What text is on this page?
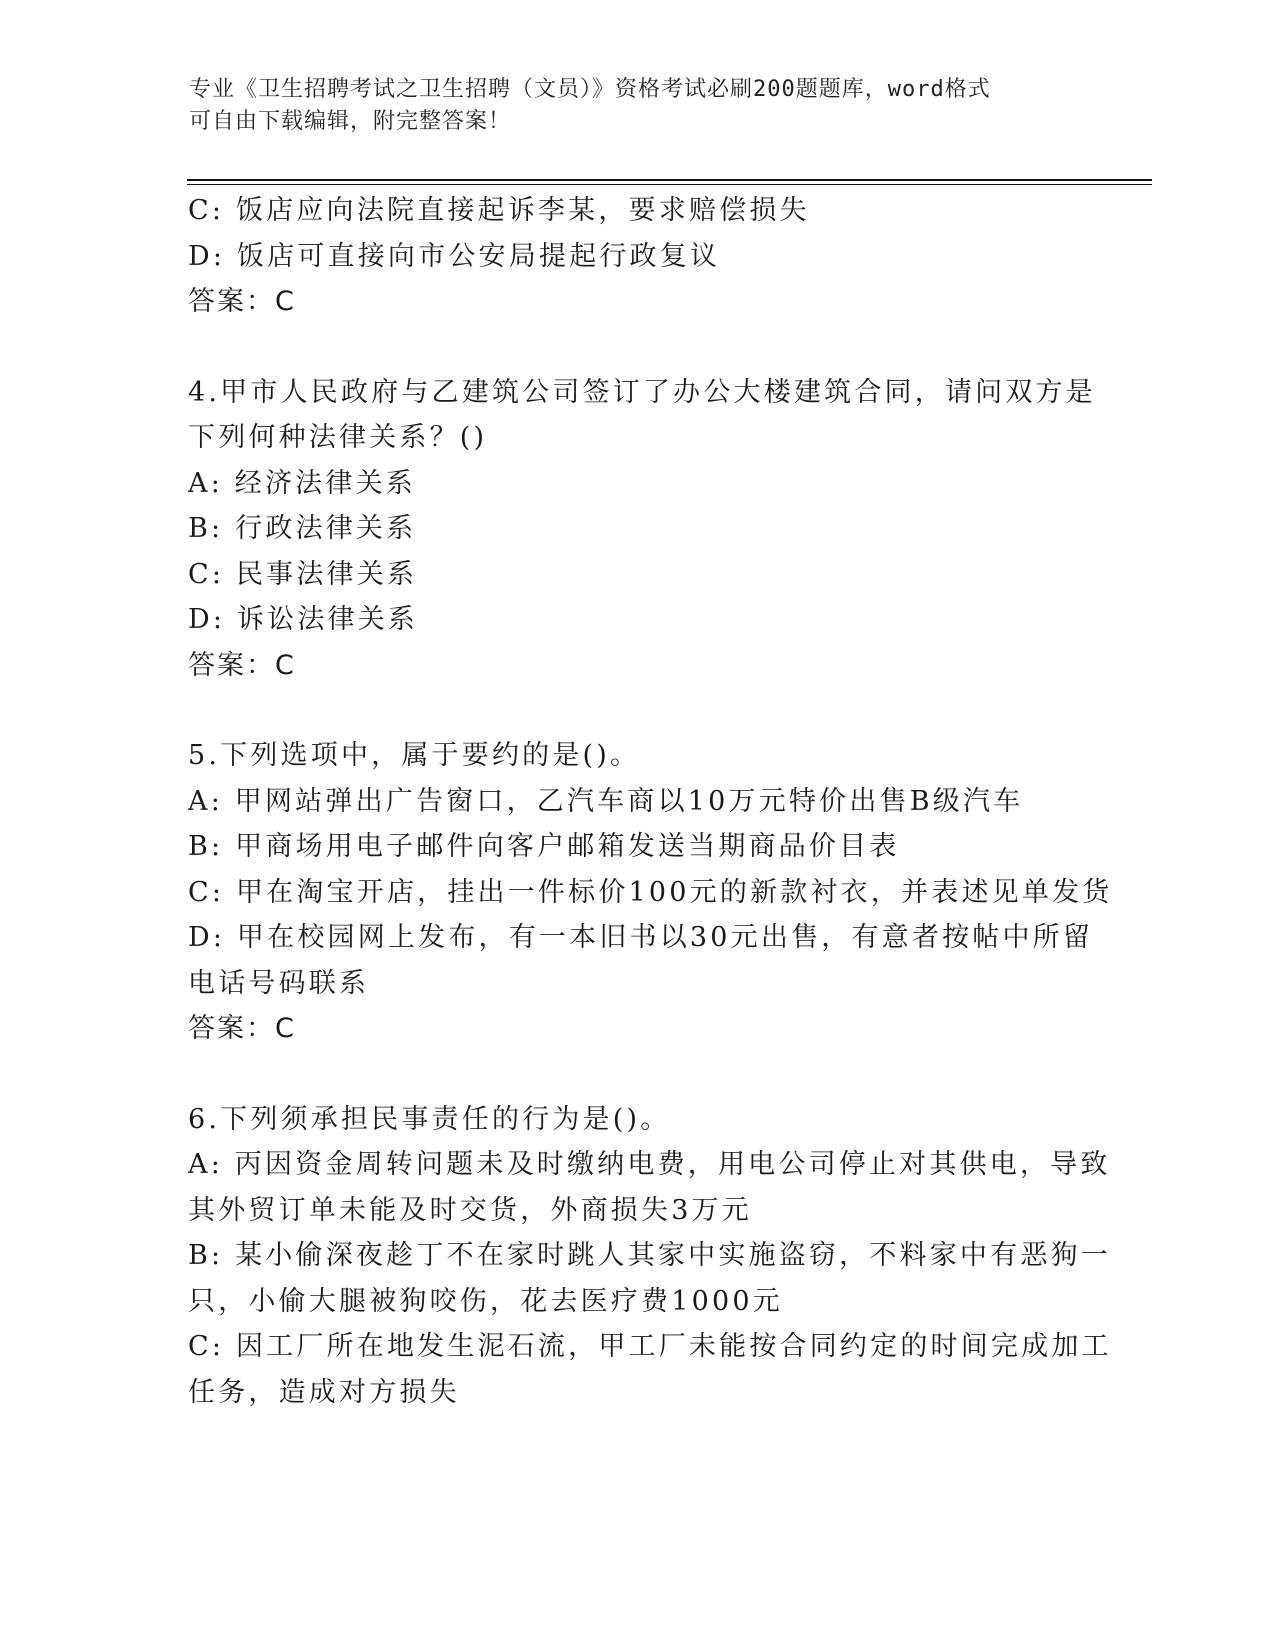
专业《卫生招聘考试之卫生招聘（文员）》资格考试必刷200题题库，word格式
可自由下载编辑，附完整答案！
C: 饭店应向法院直接起诉李某，要求赔偿损失
D: 饭店可直接向市公安局提起行政复议
答案：C
4.甲市人民政府与乙建筑公司签订了办公大楼建筑合同，请问双方是
下列何种法律关系？()
A: 经济法律关系
B: 行政法律关系
C: 民事法律关系
D: 诉讼法律关系
答案：C
5.下列选项中，属于要约的是()。
A: 甲网站弹出广告窗口，乙汽车商以10万元特价出售B级汽车
B: 甲商场用电子邮件向客户邮箱发送当期商品价目表
C: 甲在淘宝开店，挂出一件标价100元的新款衬衣，并表述见单发货
D: 甲在校园网上发布，有一本旧书以30元出售，有意者按帖中所留
电话号码联系
答案：C
6.下列须承担民事责任的行为是()。
A: 丙因资金周转问题未及时缴纳电费，用电公司停止对其供电，导致
其外贸订单未能及时交货，外商损失3万元
B: 某小偷深夜趁丁不在家时跳人其家中实施盗窃，不料家中有恶狗一
只，小偷大腿被狗咬伤，花去医疗费1000元
C: 因工厂所在地发生泥石流，甲工厂未能按合同约定的时间完成加工
任务，造成对方损失
